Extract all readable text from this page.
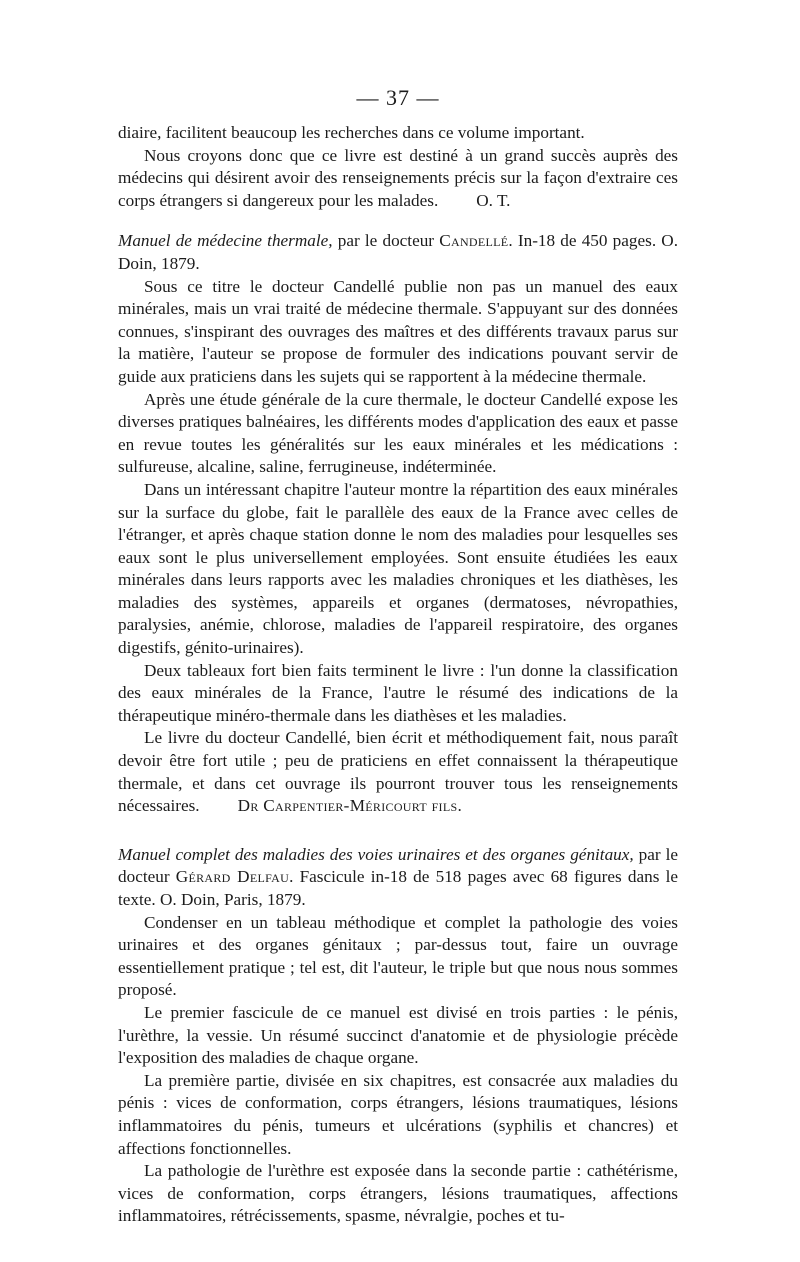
— 37 —

diaire, facilitent beaucoup les recherches dans ce volume important.

Nous croyons donc que ce livre est destiné à un grand succès auprès des médecins qui désirent avoir des renseignements précis sur la façon d'extraire ces corps étrangers si dangereux pour les malades. O. T.

Manuel de médecine thermale, par le docteur Candellé. In-18 de 450 pages. O. Doin, 1879.

Sous ce titre le docteur Candellé publie non pas un manuel des eaux minérales, mais un vrai traité de médecine thermale. S'appuyant sur des données connues, s'inspirant des ouvrages des maîtres et des différents travaux parus sur la matière, l'auteur se propose de formuler des indications pouvant servir de guide aux praticiens dans les sujets qui se rapportent à la médecine thermale.

Après une étude générale de la cure thermale, le docteur Candellé expose les diverses pratiques balnéaires, les différents modes d'application des eaux et passe en revue toutes les généralités sur les eaux minérales et les médications : sulfureuse, alcaline, saline, ferrugineuse, indéterminée.

Dans un intéressant chapitre l'auteur montre la répartition des eaux minérales sur la surface du globe, fait le parallèle des eaux de la France avec celles de l'étranger, et après chaque station donne le nom des maladies pour lesquelles ses eaux sont le plus universellement employées. Sont ensuite étudiées les eaux minérales dans leurs rapports avec les maladies chroniques et les diathèses, les maladies des systèmes, appareils et organes (dermatoses, névropathies, paralysies, anémie, chlorose, maladies de l'appareil respiratoire, des organes digestifs, génito-urinaires).

Deux tableaux fort bien faits terminent le livre : l'un donne la classification des eaux minérales de la France, l'autre le résumé des indications de la thérapeutique minéro-thermale dans les diathèses et les maladies.

Le livre du docteur Candellé, bien écrit et méthodiquement fait, nous paraît devoir être fort utile ; peu de praticiens en effet connaissent la thérapeutique thermale, et dans cet ouvrage ils pourront trouver tous les renseignements nécessaires. Dr Carpentier-Méricourt fils.

Manuel complet des maladies des voies urinaires et des organes génitaux, par le docteur Gérard Delfau. Fascicule in-18 de 518 pages avec 68 figures dans le texte. O. Doin, Paris, 1879.

Condenser en un tableau méthodique et complet la pathologie des voies urinaires et des organes génitaux ; par-dessus tout, faire un ouvrage essentiellement pratique ; tel est, dit l'auteur, le triple but que nous nous sommes proposé.

Le premier fascicule de ce manuel est divisé en trois parties : le pénis, l'urèthre, la vessie. Un résumé succinct d'anatomie et de physiologie précède l'exposition des maladies de chaque organe.

La première partie, divisée en six chapitres, est consacrée aux maladies du pénis : vices de conformation, corps étrangers, lésions traumatiques, lésions inflammatoires du pénis, tumeurs et ulcérations (syphilis et chancres) et affections fonctionnelles.

La pathologie de l'urèthre est exposée dans la seconde partie : cathétérisme, vices de conformation, corps étrangers, lésions traumatiques, affections inflammatoires, rétrécissements, spasme, névralgie, poches et tu-
